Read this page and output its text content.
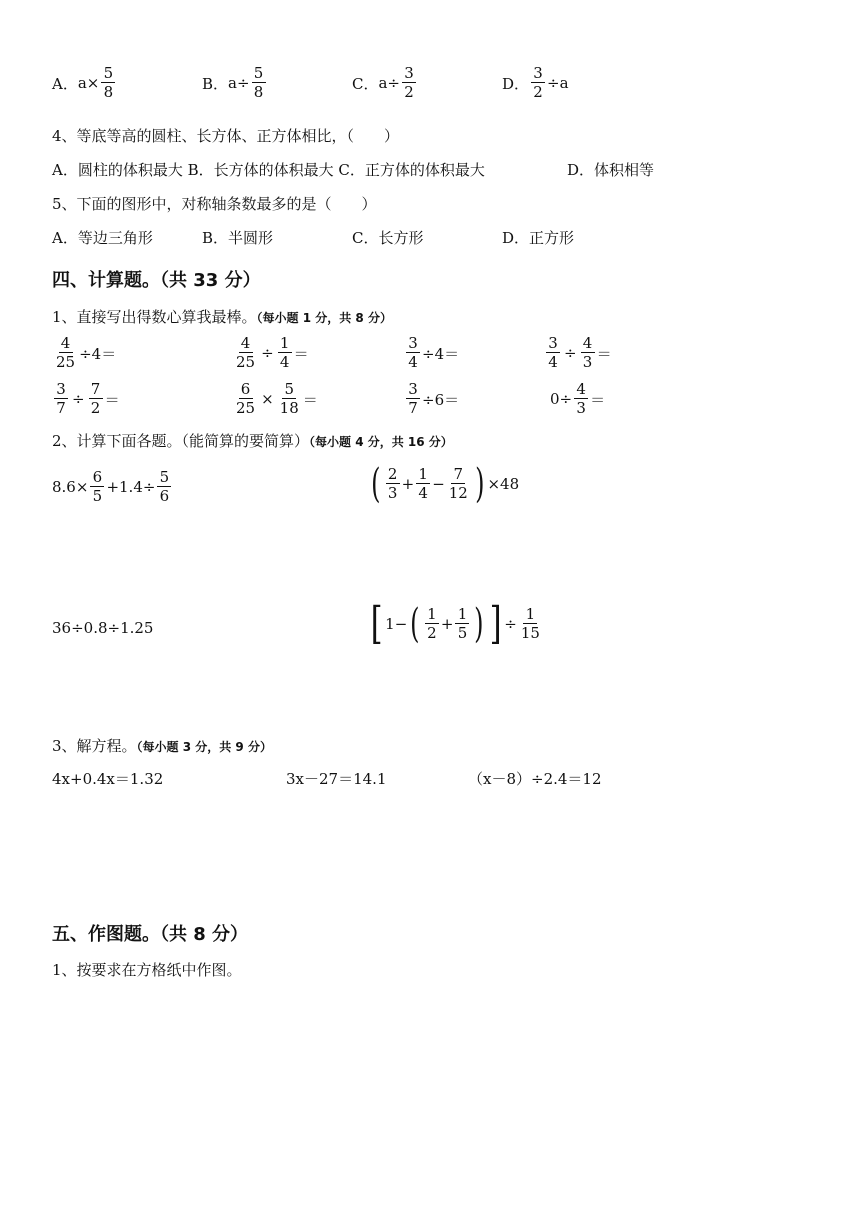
A． $a\times \frac{5}{8}$	B． $a\div \frac{5}{8}$	C． $a\div \frac{3}{2}$	D． $\frac{3}{2} \div a$
4、等底等高的圆柱、长方体、正方体相比，（　　）
A．圆柱的体积最大 B．长方体的体积最大 C．正方体的体积最大	D．体积相等
5、下面的图形中，对称轴条数最多的是（　　）
A．等边三角形	B．半圆形	C．长方形	D．正方形
四、计算题。（共 33 分）
1、直接写出得数心算我最棒。（每小题 1 分，共 8 分）
$\frac{4}{25} \div 4=$	$\frac{4}{25} \div \frac{1}{4}$ ＝	$\frac{3}{4} \div 4=$	$\frac{3}{4} \div \frac{4}{3}$ ＝
$\frac{3}{7} \div \frac{7}{2}$ ＝	$\frac{6}{25} \times \frac{5}{18}$ ＝	$\frac{3}{7} \div 6=$	$0\div \frac{4}{3}$ ＝
2、计算下面各题。（能简算的要简算）（每小题 4 分，共 16 分）
$8.6\times \frac{6}{5} +1.4\div \frac{5}{6}$	( $\frac{2}{3} + \frac{1}{4} - \frac{7}{12}$ ) ×48
36÷0.8÷1.25	[ 1− ( $\frac{1}{2} + \frac{1}{5}$ ) ] ÷ $\frac{1}{15}$
3、解方程。（每小题 3 分，共 9 分）
4x+0.4x＝1.32	3x－27＝14.1	（x－8）÷2.4＝12
五、作图题。（共 8 分）
1、按要求在方格纸中作图。
